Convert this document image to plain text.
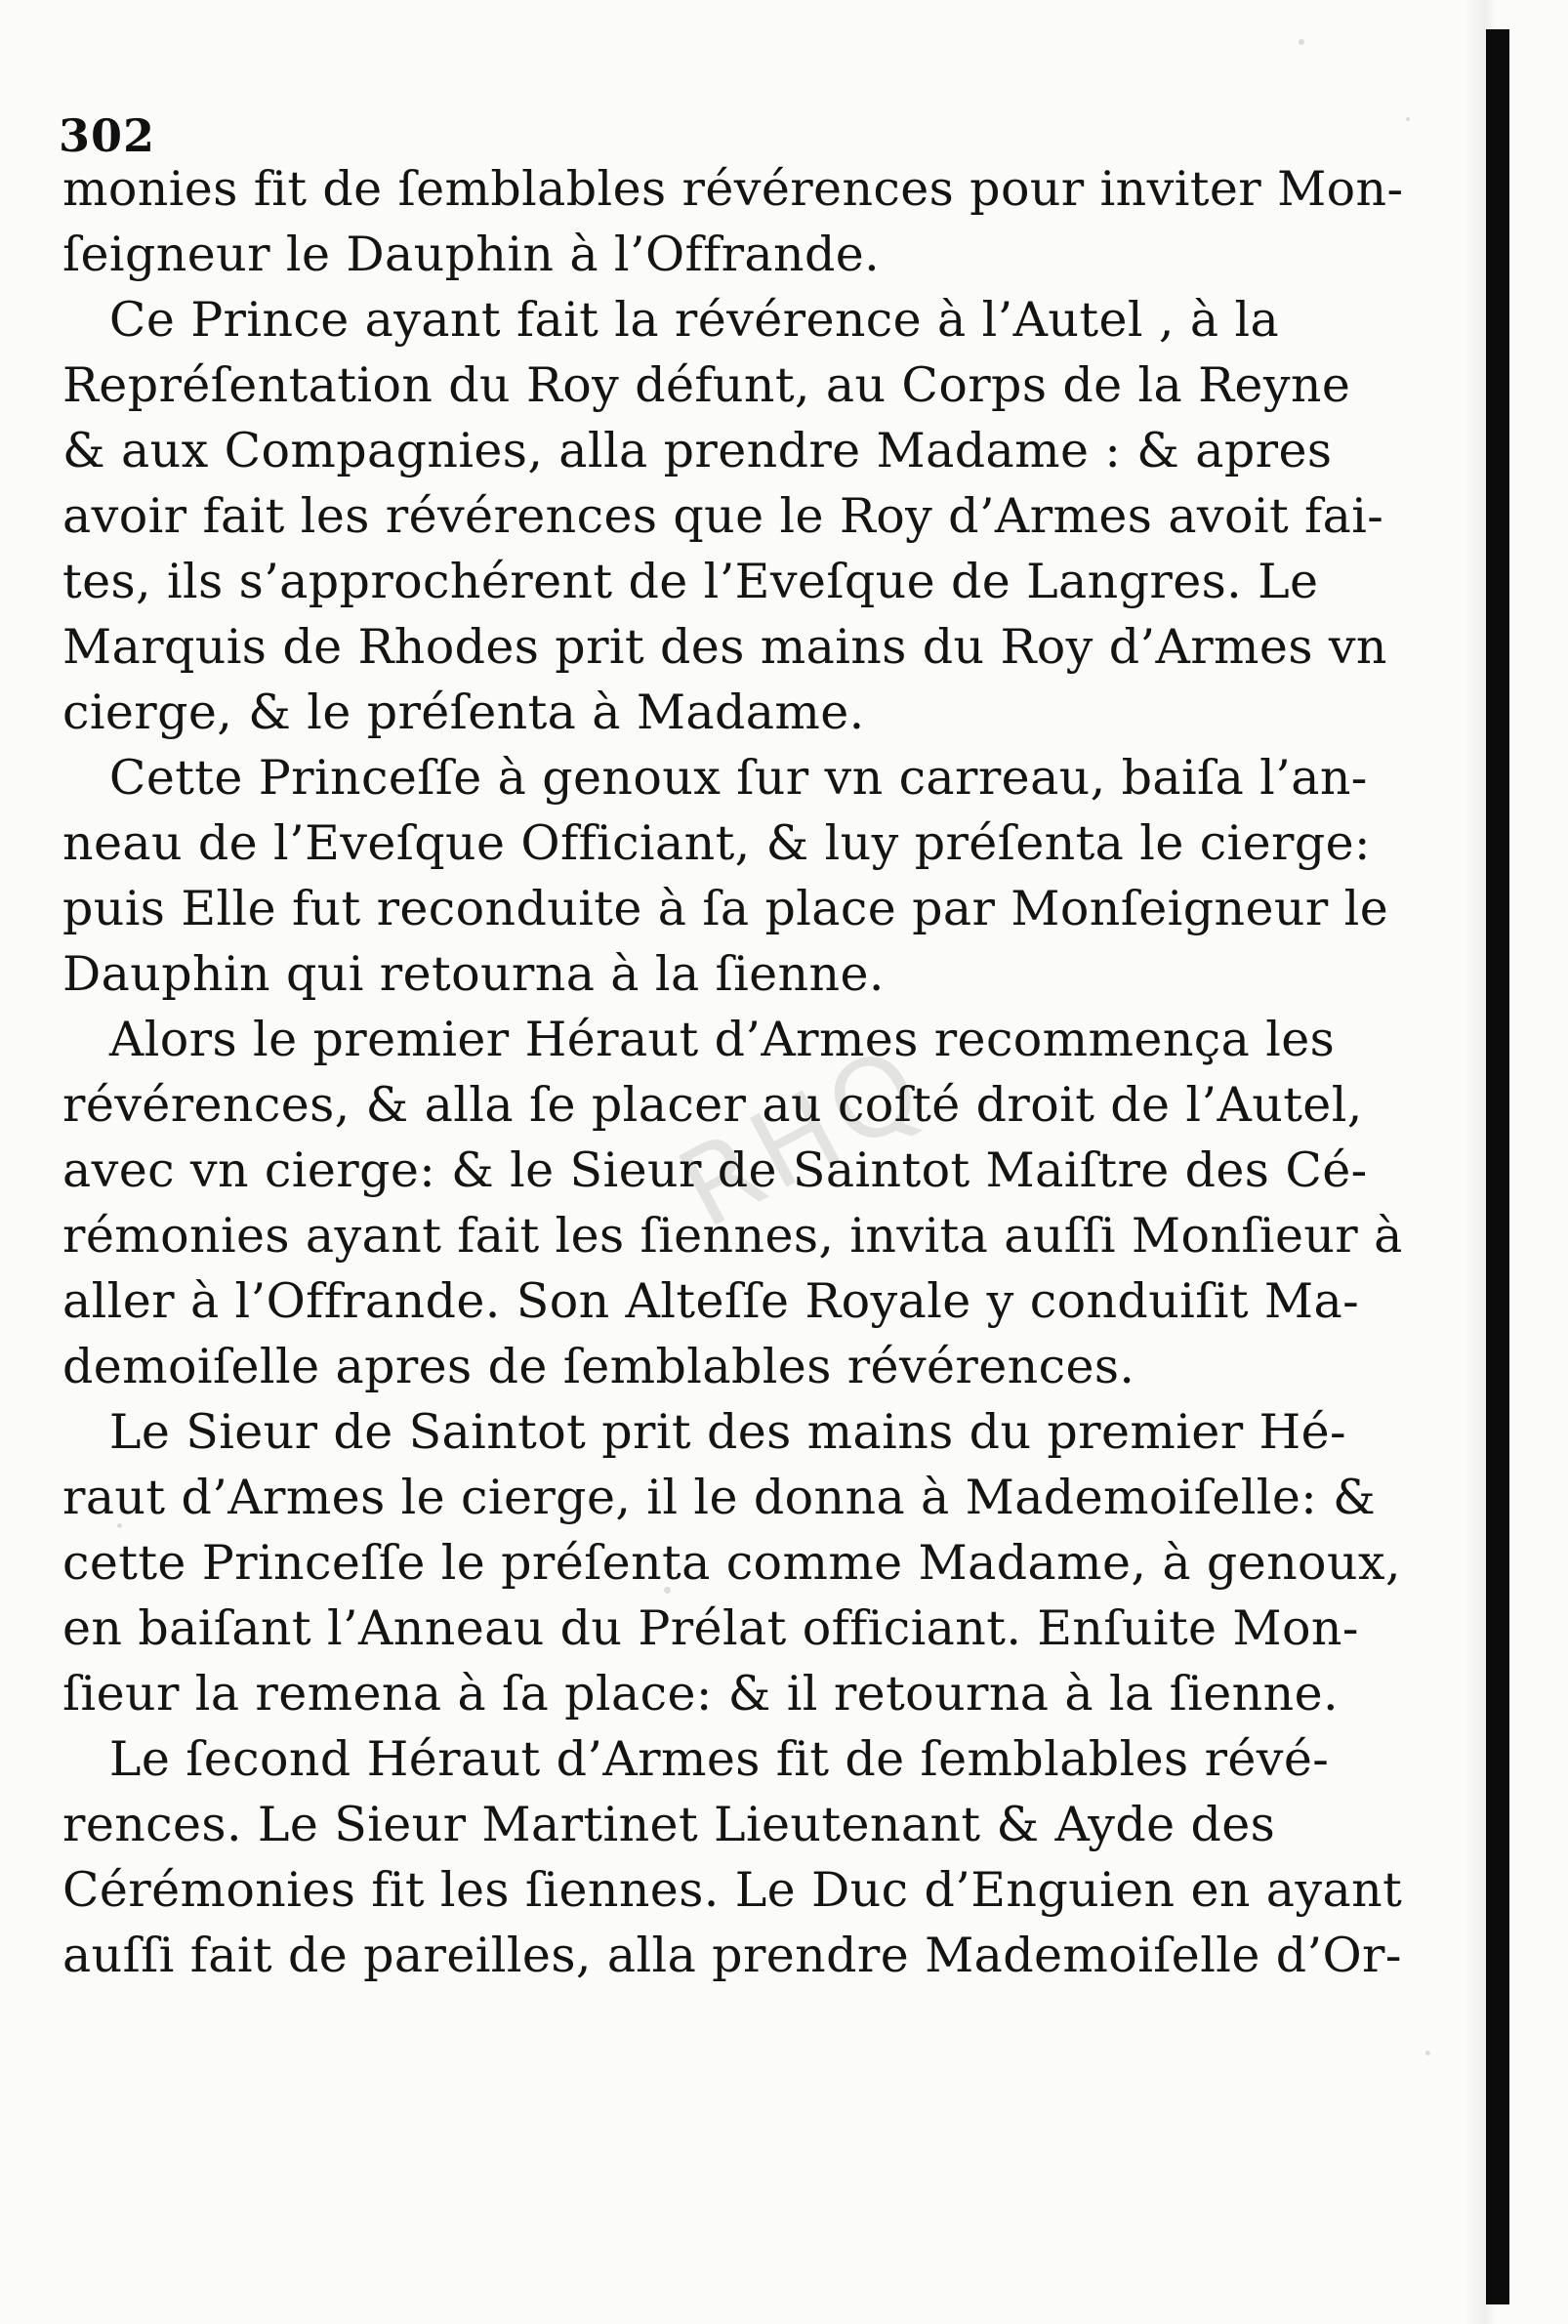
302
RHQ
monies fit de ſemblables révérences pour inviter Mon-
ſeigneur le Dauphin à l’Offrande.
Ce Prince ayant fait la révérence à l’Autel , à la
Repréſentation du Roy défunt, au Corps de la Reyne
& aux Compagnies, alla prendre Madame : & apres
avoir fait les révérences que le Roy d’Armes avoit fai-
tes, ils s’approchérent de l’Eveſque de Langres. Le
Marquis de Rhodes prit des mains du Roy d’Armes vn
cierge, & le préſenta à Madame.
Cette Princeſſe à genoux ſur vn carreau, baiſa l’an-
neau de l’Eveſque Officiant, & luy préſenta le cierge:
puis Elle fut reconduite à ſa place par Monſeigneur le
Dauphin qui retourna à la ſienne.
Alors le premier Héraut d’Armes recommença les
révérences, & alla ſe placer au coſté droit de l’Autel,
avec vn cierge: & le Sieur de Saintot Maiſtre des Cé-
rémonies ayant fait les ſiennes, invita auſſi Monſieur à
aller à l’Offrande. Son Alteſſe Royale y conduiſit Ma-
demoiſelle apres de ſemblables révérences.
Le Sieur de Saintot prit des mains du premier Hé-
raut d’Armes le cierge, il le donna à Mademoiſelle: &
cette Princeſſe le préſenta comme Madame, à genoux,
en baiſant l’Anneau du Prélat officiant. Enſuite Mon-
ſieur la remena à ſa place: & il retourna à la ſienne.
Le ſecond Héraut d’Armes fit de ſemblables révé-
rences. Le Sieur Martinet Lieutenant & Ayde des
Cérémonies fit les ſiennes. Le Duc d’Enguien en ayant
auſſi fait de pareilles, alla prendre Mademoiſelle d’Or-
